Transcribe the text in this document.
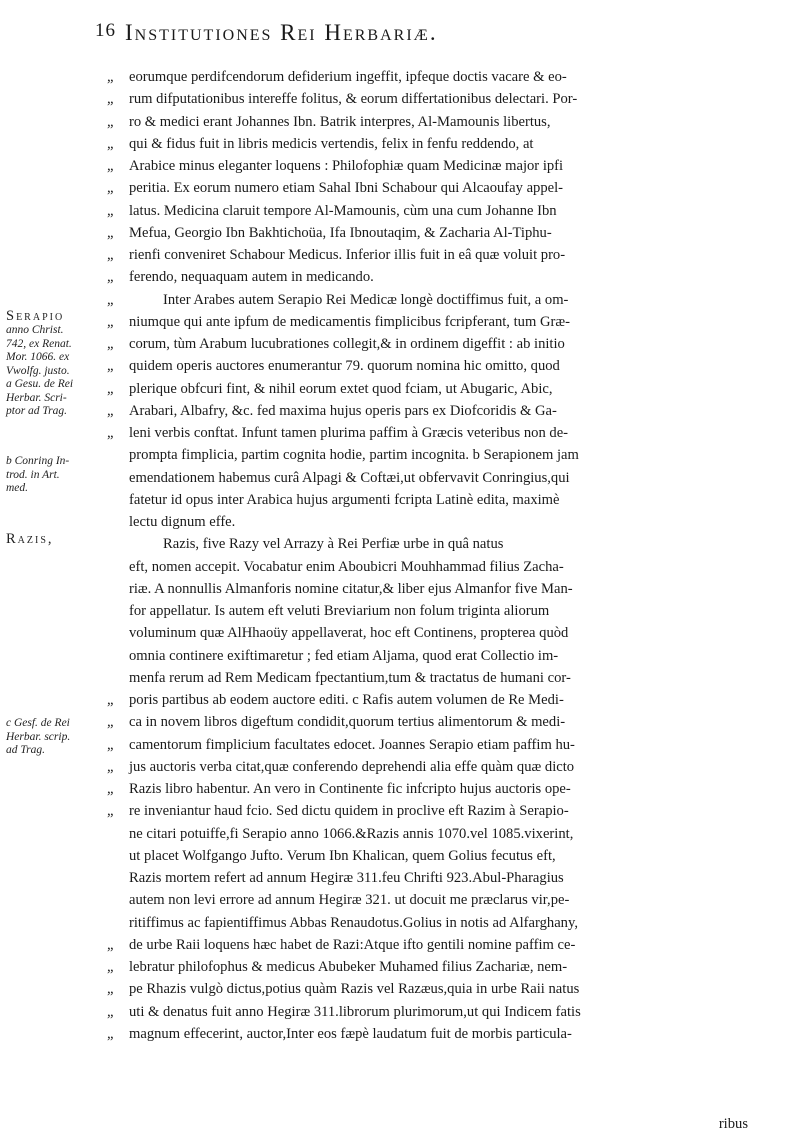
16 Institutiones Rei Herbariæ.
Serapio
anno Christ.
742, ex Renat.
Mor. 1066. ex
Vwolfg. justo.
a Gesu. de Rei
Herbar. Scri-
ptor ad Trag.
b Conring In-
trod. in Art.
med.
Razis,
c Gesf. de Rei
Herbar. scrip.
ad Trag.
„ eorumque perdifcendorum defiderium ingeffit, ipfeque doctis vacare & eo-
„ rum difputationibus intereffe folitus, & eorum differtationibus delectari. Por-
„ ro & medici erant Johannes Ibn. Batrik interpres, Al-Mamounis libertus,
„ qui & fidus fuit in libris medicis vertendis, felix in fenfu reddendo, at
„ Arabice minus eleganter loquens : Philofophiæ quam Medicinæ major ipfi
„ peritia. Ex eorum numero etiam Sahal Ibni Schabour qui Alcaoufay appel-
„ latus. Medicina claruit tempore Al-Mamounis, cùm una cum Johanne Ibn
„ Mefua, Georgio Ibn Bakhtichoüa, Ifa Ibnoutaqim, & Zacharia Al-Tiphu-
„ rienfi conveniret Schabour Medicus. Inferior illis fuit in eâ quæ voluit pro-
„ ferendo, nequaquam autem in medicando.
„	Inter Arabes autem Serapio Rei Medicæ longè doctiffimus fuit, a om-
„ niumque qui ante ipfum de medicamentis fimplicibus fcripferant, tum Græ-
„ corum, tùm Arabum lucubrationes collegit,& in ordinem digeffit : ab initio
„ quidem operis auctores enumerantur 79. quorum nomina hic omitto, quod
„ plerique obfcuri fint, & nihil eorum extet quod fciam, ut Abugaric, Abic,
„ Arabari, Albafry, &c. fed maxima hujus operis pars ex Diofcoridis & Ga-
„ leni verbis conftat. Infunt tamen plurima paffim à Græcis veteribus non de-
prompta fimplicia, partim cognita hodie, partim incognita. b Serapionem jam
emendationem habemus curâ Alpagi & Coftæi,ut obfervavit Conringius,qui
fatetur id opus inter Arabica hujus argumenti fcripta Latinè edita, maximè
lectu dignum effe.
Razis, five Razy vel Arrazy à Rei Perfiæ urbe in quâ natus
eft, nomen accepit. Vocabatur enim Aboubicri Mouhhammad filius Zacha-
riæ. A nonnullis Almanforis nomine citatur,& liber ejus Almanfor five Man-
for appellatur. Is autem eft veluti Breviarium non folum triginta aliorum
voluminum quæ AlHhaoüy appellaverat, hoc eft Continens, propterea quòd
omnia continere exiftimaretur ; fed etiam Aljama, quod erat Collectio im-
menfa rerum ad Rem Medicam fpectantium,tum & tractatus de humani cor-
„ poris partibus ab eodem auctore editi. c Rafis autem volumen de Re Medi-
„ ca in novem libros digeftum condidit,quorum tertius alimentorum & medi-
„ camentorum fimplicium facultates edocet. Joannes Serapio etiam paffim hu-
„ jus auctoris verba citat,quæ conferendo deprehendi alia effe quàm quæ dicto
„ Razis libro habentur. An vero in Continente fic infcripto hujus auctoris ope-
„ re inveniantur haud fcio. Sed dictu quidem in proclive eft Razim à Serapio-
ne citari potuiffe,fi Serapio anno 1066.&Razis annis 1070.vel 1085.vixerint,
ut placet Wolfgango Jufto. Verum Ibn Khalican, quem Golius fecutus eft,
Razis mortem refert ad annum Hegiræ 311.feu Chrifti 923.Abul-Pharagius
autem non levi errore ad annum Hegiræ 321. ut docuit me præclarus vir,pe-
ritiffimus ac fapientiffimus Abbas Renaudotus.Golius in notis ad Alfarghany,
„ de urbe Raii loquens hæc habet de Razi:Atque ifto gentili nomine paffim ce-
„ lebratur philofophus & medicus Abubeker Muhamed filius Zachariæ, nem-
„ pe Rhazis vulgò dictus,potius quàm Razis vel Razæus,quia in urbe Raii natus
„ uti & denatus fuit anno Hegiræ 311.librorum plurimorum,ut qui Indicem fatis
„ magnum effecerint, auctor,Inter eos fæpè laudatum fuit de morbis particula-
ribus
